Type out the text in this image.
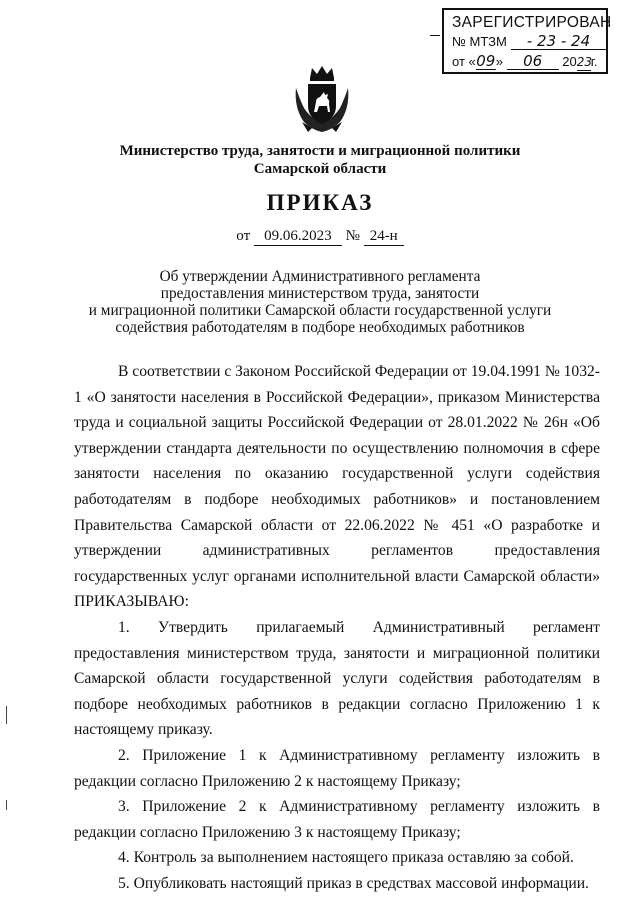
ЗАРЕГИСТРИРОВАН
№ МТЗМ - 23 - 24
от «09» 06 2023г.
Министерство труда, занятости и миграционной политики
Самарской области
ПРИКАЗ
от 09.06.2023 № 24-н
Об утверждении Административного регламента
предоставления министерством труда, занятости
и миграционной политики Самарской области государственной услуги
содействия работодателям в подборе необходимых работников

В соответствии с Законом Российской Федерации от 19.04.1991 № 1032-1 «О занятости населения в Российской Федерации», приказом Министерства труда и социальной защиты Российской Федерации от 28.01.2022 № 26н «Об утверждении стандарта деятельности по осуществлению полномочия в сфере занятости населения по оказанию государственной услуги содействия работодателям в подборе необходимых работников» и постановлением Правительства Самарской области от 22.06.2022 № 451 «О разработке и утверждении административных регламентов предоставления государственных услуг органами исполнительной власти Самарской области» ПРИКАЗЫВАЮ:

1. Утвердить прилагаемый Административный регламент предоставления министерством труда, занятости и миграционной политики Самарской области государственной услуги содействия работодателям в подборе необходимых работников в редакции согласно Приложению 1 к настоящему приказу.

2. Приложение 1 к Административному регламенту изложить в редакции согласно Приложению 2 к настоящему Приказу;

3. Приложение 2 к Административному регламенту изложить в редакции согласно Приложению 3 к настоящему Приказу;

4. Контроль за выполнением настоящего приказа оставляю за собой.

5. Опубликовать настоящий приказ в средствах массовой информации.
